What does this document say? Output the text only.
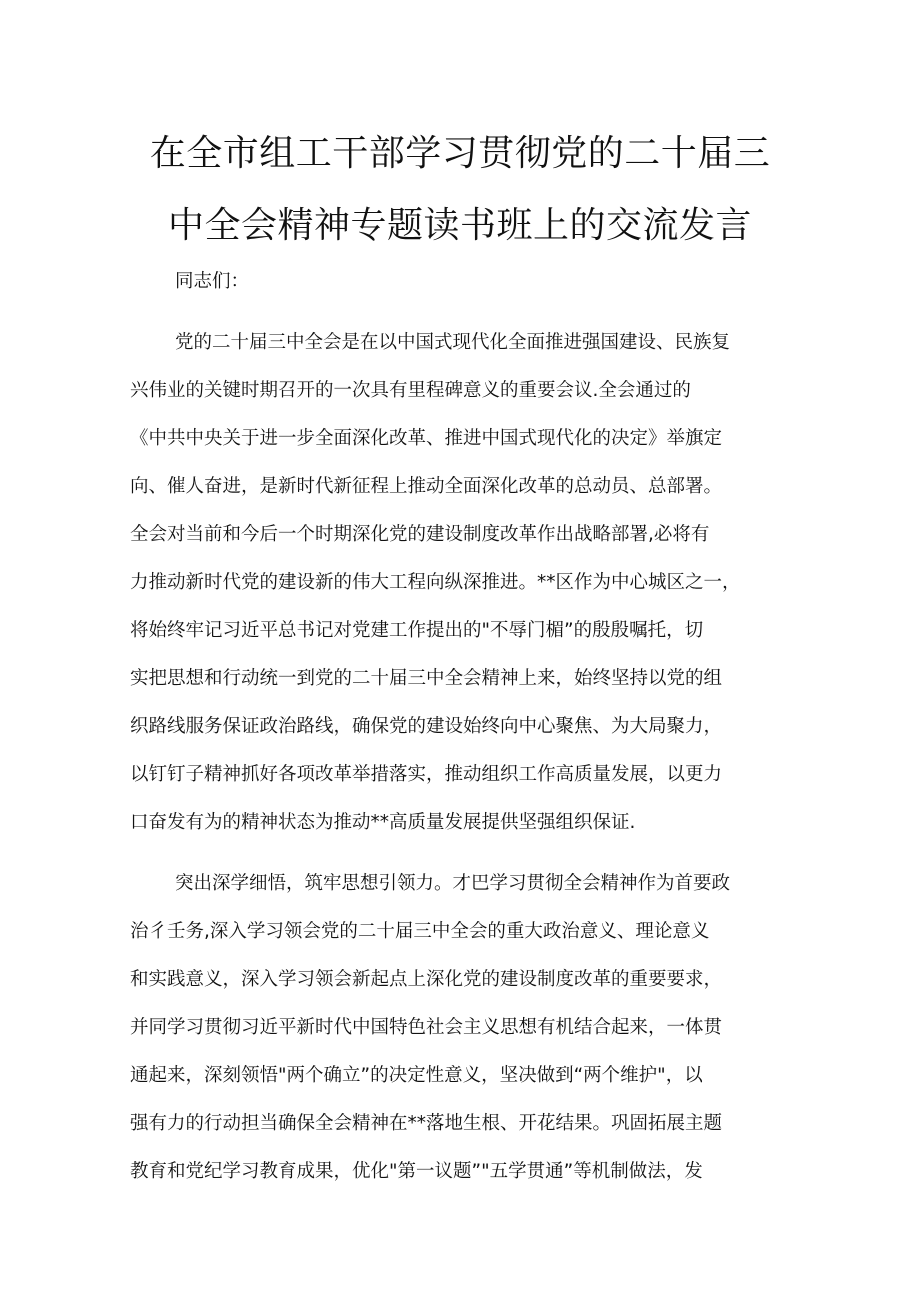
在全市组工干部学习贯彻党的二十届三
中全会精神专题读书班上的交流发言

同志们：

党的二十届三中全会是在以中国式现代化全面推进强国建设、民族复
兴伟业的关键时期召开的一次具有里程碑意义的重要会议.全会通过的
《中共中央关于进一步全面深化改革、推进中国式现代化的决定》举旗定
向、催人奋进，是新时代新征程上推动全面深化改革的总动员、总部署。
全会对当前和今后一个时期深化党的建设制度改革作出战略部署,必将有
力推动新时代党的建设新的伟大工程向纵深推进。**区作为中心城区之一，
将始终牢记习近平总书记对党建工作提出的"不辱门楣”的殷殷嘱托，切
实把思想和行动统一到党的二十届三中全会精神上来，始终坚持以党的组
织路线服务保证政治路线，确保党的建设始终向中心聚焦、为大局聚力，
以钉钉子精神抓好各项改革举措落实，推动组织工作高质量发展，以更力
口奋发有为的精神状态为推动**高质量发展提供坚强组织保证.

突出深学细悟，筑牢思想引领力。才巴学习贯彻全会精神作为首要政
治彳壬务,深入学习领会党的二十届三中全会的重大政治意义、理论意义
和实践意义，深入学习领会新起点上深化党的建设制度改革的重要要求，
并同学习贯彻习近平新时代中国特色社会主义思想有机结合起来，一体贯
通起来，深刻领悟"两个确立”的决定性意义，坚决做到“两个维护"，以
强有力的行动担当确保全会精神在**落地生根、开花结果。巩固拓展主题
教育和党纪学习教育成果，优化"第一议题”"五学贯通”等机制做法，发
